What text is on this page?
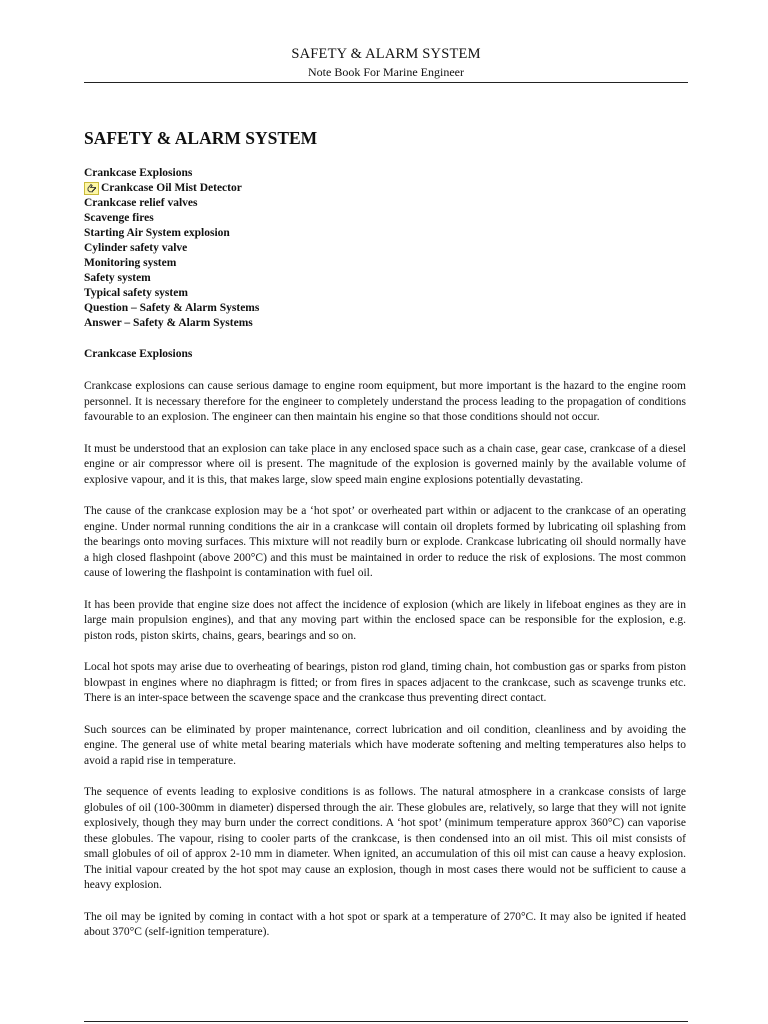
SAFETY & ALARM SYSTEM
Note Book For Marine Engineer
SAFETY & ALARM SYSTEM
Crankcase Explosions
Crankcase Oil Mist Detector
Crankcase relief valves
Scavenge fires
Starting Air System explosion
Cylinder safety valve
Monitoring system
Safety system
Typical safety system
Question – Safety & Alarm Systems
Answer – Safety & Alarm Systems
Crankcase Explosions

Crankcase explosions can cause serious damage to engine room equipment, but more important is the hazard to the engine room personnel. It is necessary therefore for the engineer to completely understand the process leading to the propagation of conditions favourable to an explosion. The engineer can then maintain his engine so that those conditions should not occur.

It must be understood that an explosion can take place in any enclosed space such as a chain case, gear case, crankcase of a diesel engine or air compressor where oil is present. The magnitude of the explosion is governed mainly by the available volume of explosive vapour, and it is this, that makes large, slow speed main engine explosions potentially devastating.

The cause of the crankcase explosion may be a ‘hot spot’ or overheated part within or adjacent to the crankcase of an operating engine. Under normal running conditions the air in a crankcase will contain oil droplets formed by lubricating oil splashing from the bearings onto moving surfaces. This mixture will not readily burn or explode. Crankcase lubricating oil should normally have a high closed flashpoint (above 200°C) and this must be maintained in order to reduce the risk of explosions. The most common cause of lowering the flashpoint is contamination with fuel oil.

It has been provide that engine size does not affect the incidence of explosion (which are likely in lifeboat engines as they are in large main propulsion engines), and that any moving part within the enclosed space can be responsible for the explosion, e.g. piston rods, piston skirts, chains, gears, bearings and so on.

Local hot spots may arise due to overheating of bearings, piston rod gland, timing chain, hot combustion gas or sparks from piston blowpast in engines where no diaphragm is fitted; or from fires in spaces adjacent to the crankcase, such as scavenge trunks etc. There is an inter-space between the scavenge space and the crankcase thus preventing direct contact.

Such sources can be eliminated by proper maintenance, correct lubrication and oil condition, cleanliness and by avoiding the engine. The general use of white metal bearing materials which have moderate softening and melting temperatures also helps to avoid a rapid rise in temperature.

The sequence of events leading to explosive conditions is as follows. The natural atmosphere in a crankcase consists of large globules of oil (100-300mm in diameter) dispersed through the air. These globules are, relatively, so large that they will not ignite explosively, though they may burn under the correct conditions. A ‘hot spot’ (minimum temperature approx 360°C) can vaporise these globules. The vapour, rising to cooler parts of the crankcase, is then condensed into an oil mist. This oil mist consists of small globules of oil of approx 2-10 mm in diameter. When ignited, an accumulation of this oil mist can cause a heavy explosion. The initial vapour created by the hot spot may cause an explosion, though in most cases there would not be sufficient to cause a heavy explosion.

The oil may be ignited by coming in contact with a hot spot or spark at a temperature of 270°C. It may also be ignited if heated about 370°C (self-ignition temperature).
